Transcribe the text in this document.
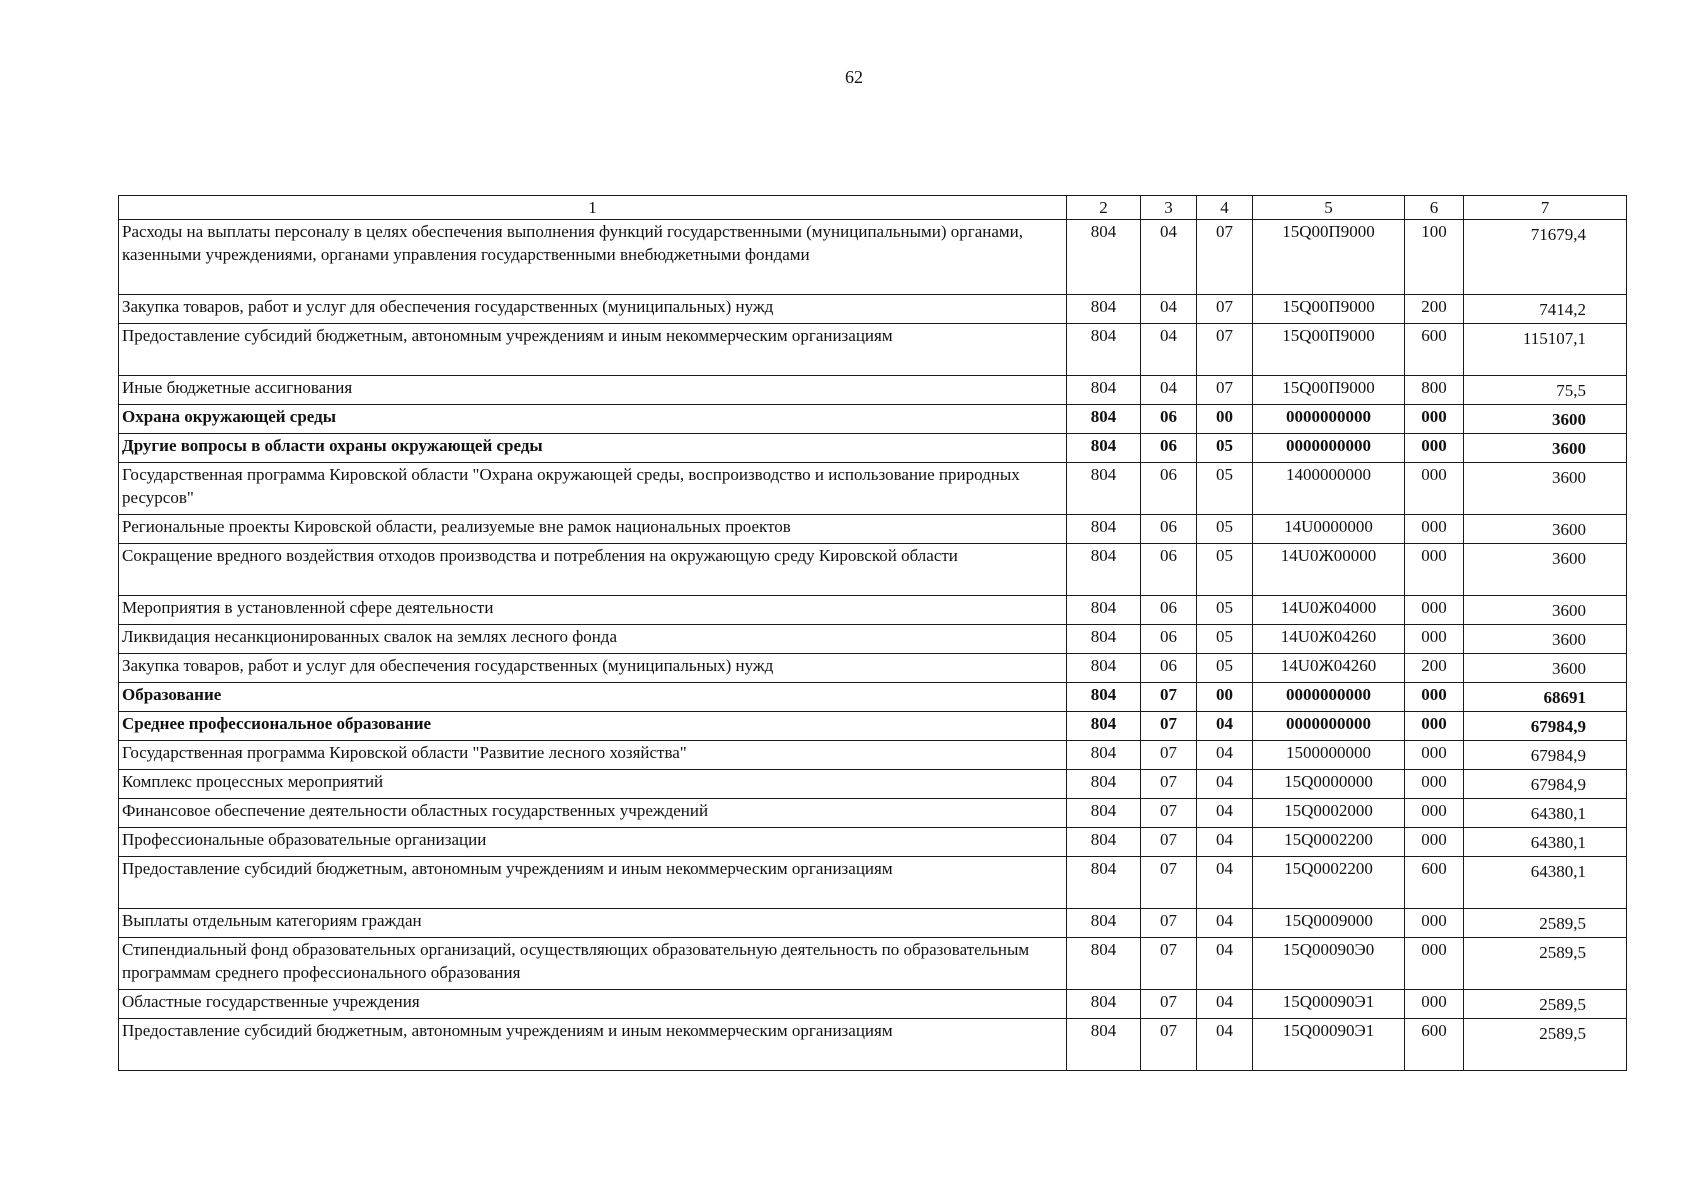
62
1	2	3	4	5	6	7
Расходы на выплаты персоналу в целях обеспечения выполнения функций государственными (муниципальными) органами, казенными учреждениями, органами управления государственными внебюджетными фондами	804	04	07	15Q00П9000	100	71679,4
Закупка товаров, работ и услуг для обеспечения государственных (муниципальных) нужд	804	04	07	15Q00П9000	200	7414,2
Предоставление субсидий бюджетным, автономным учреждениям и иным некоммерческим организациям	804	04	07	15Q00П9000	600	115107,1
Иные бюджетные ассигнования	804	04	07	15Q00П9000	800	75,5
Охрана окружающей среды	804	06	00	0000000000	000	3600
Другие вопросы в области охраны окружающей среды	804	06	05	0000000000	000	3600
Государственная программа Кировской области "Охрана окружающей среды, воспроизводство и использование природных ресурсов"	804	06	05	1400000000	000	3600
Региональные проекты Кировской области, реализуемые вне рамок национальных проектов	804	06	05	14U0000000	000	3600
Сокращение вредного воздействия отходов производства и потребления на окружающую среду Кировской области	804	06	05	14U0Ж00000	000	3600
Мероприятия в установленной сфере деятельности	804	06	05	14U0Ж04000	000	3600
Ликвидация несанкционированных свалок на землях лесного фонда	804	06	05	14U0Ж04260	000	3600
Закупка товаров, работ и услуг для обеспечения государственных (муниципальных) нужд	804	06	05	14U0Ж04260	200	3600
Образование	804	07	00	0000000000	000	68691
Среднее профессиональное образование	804	07	04	0000000000	000	67984,9
Государственная программа Кировской области "Развитие лесного хозяйства"	804	07	04	1500000000	000	67984,9
Комплекс процессных мероприятий	804	07	04	15Q0000000	000	67984,9
Финансовое обеспечение деятельности областных государственных учреждений	804	07	04	15Q0002000	000	64380,1
Профессиональные образовательные организации	804	07	04	15Q0002200	000	64380,1
Предоставление субсидий бюджетным, автономным учреждениям и иным некоммерческим организациям	804	07	04	15Q0002200	600	64380,1
Выплаты отдельным категориям граждан	804	07	04	15Q0009000	000	2589,5
Стипендиальный фонд образовательных организаций, осуществляющих образовательную деятельность по образовательным программам среднего профессионального образования	804	07	04	15Q00090Э0	000	2589,5
Областные государственные учреждения	804	07	04	15Q00090Э1	000	2589,5
Предоставление субсидий бюджетным, автономным учреждениям и иным некоммерческим организациям	804	07	04	15Q00090Э1	600	2589,5
